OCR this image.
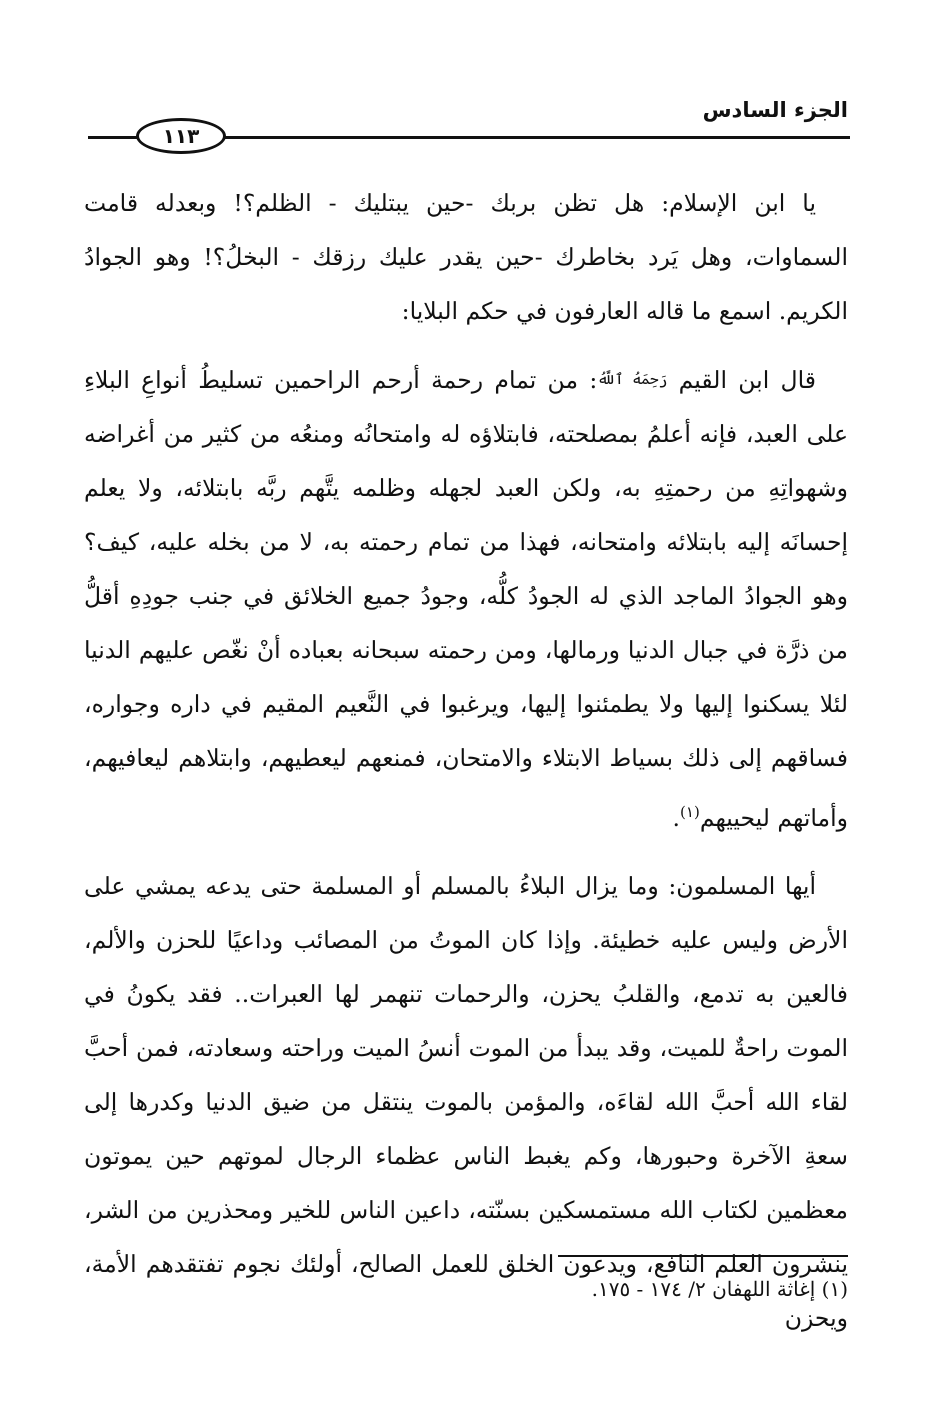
الجزء السادس
١١٣

يا ابن الإسلام: هل تظن بربك -حين يبتليك - الظلم؟! وبعدله قامت السماوات، وهل يَرد بخاطرك -حين يقدر عليك رزقك - البخلُ؟! وهو الجوادُ الكريم. اسمع ما قاله العارفون في حكم البلايا:

قال ابن القيم رَحِمَهُ ٱللَّهُ: من تمام رحمة أرحم الراحمين تسليطُ أنواعِ البلاءِ على العبد، فإنه أعلمُ بمصلحته، فابتلاؤه له وامتحانُه ومنعُه من كثير من أغراضه وشهواتِهِ من رحمتِهِ به، ولكن العبد لجهله وظلمه يتَّهم ربَّه بابتلائه، ولا يعلم إحسانَه إليه بابتلائه وامتحانه، فهذا من تمام رحمته به، لا من بخله عليه، كيف؟ وهو الجوادُ الماجد الذي له الجودُ كلُّه، وجودُ جميع الخلائق في جنب جودِهِ أقلُّ من ذرَّة في جبال الدنيا ورمالها، ومن رحمته سبحانه بعباده أنْ نغّص عليهم الدنيا لئلا يسكنوا إليها ولا يطمئنوا إليها، ويرغبوا في النَّعيم المقيم في داره وجواره، فساقهم إلى ذلك بسياط الابتلاء والامتحان، فمنعهم ليعطيهم، وابتلاهم ليعافيهم، وأماتهم ليحييهم$^{(١)}$.

أيها المسلمون: وما يزال البلاءُ بالمسلم أو المسلمة حتى يدعه يمشي على الأرض وليس عليه خطيئة. وإذا كان الموتُ من المصائب وداعيًا للحزن والألم، فالعين به تدمع، والقلبُ يحزن، والرحمات تنهمر لها العبرات.. فقد يكونُ في الموت راحةٌ للميت، وقد يبدأ من الموت أنسُ الميت وراحته وسعادته، فمن أحبَّ لقاء الله أحبَّ الله لقاءَه، والمؤمن بالموت ينتقل من ضيق الدنيا وكدرها إلى سعةِ الآخرة وحبورها، وكم يغبط الناس عظماء الرجال لموتهم حين يموتون معظمين لكتاب الله مستمسكين بسنّته، داعين الناس للخير ومحذرين من الشر، ينشرون العلم النافع، ويدعون الخلق للعمل الصالح، أولئك نجوم تفتقدهم الأمة، ويحزن

(١) إغاثة اللهفان ٢/ ١٧٤ - ١٧٥.
